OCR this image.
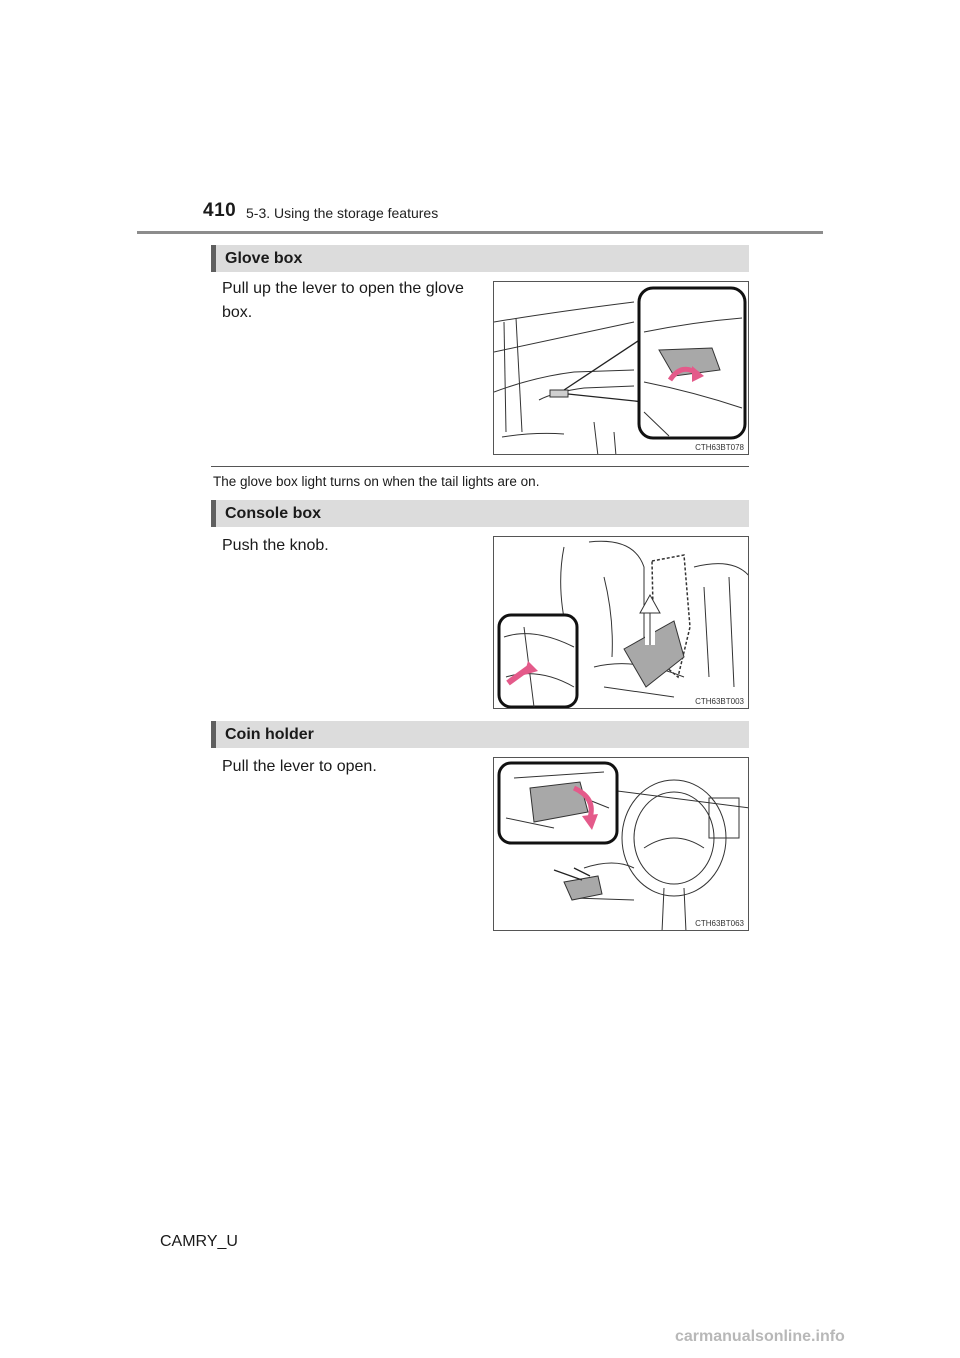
410 5-3. Using the storage features
Glove box
Pull up the lever to open the glove box.
CTH63BT078
The glove box light turns on when the tail lights are on.
Console box
Push the knob.
CTH63BT003
Coin holder
Pull the lever to open.
CTH63BT063
CAMRY_U
carmanualsonline.info
